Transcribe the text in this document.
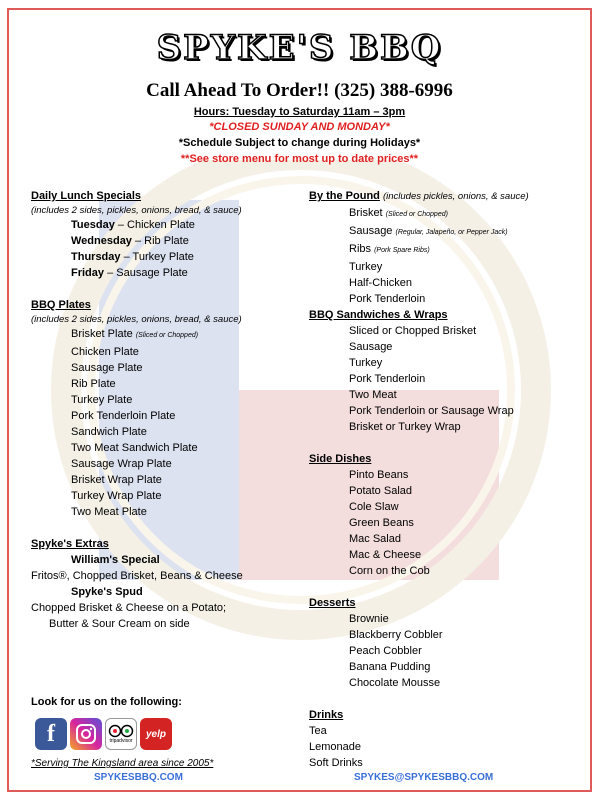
SPYKE'S BBQ
Call Ahead To Order!! (325) 388-6996
Hours: Tuesday to Saturday 11am – 3pm
*CLOSED SUNDAY AND MONDAY*
*Schedule Subject to change during Holidays*
**See store menu for most up to date prices**
Daily Lunch Specials
(includes 2 sides, pickles, onions, bread, & sauce)
Tuesday – Chicken Plate
Wednesday – Rib Plate
Thursday – Turkey Plate
Friday – Sausage Plate
BBQ Plates
(includes 2 sides, pickles, onions, bread, & sauce)
Brisket Plate (Sliced or Chopped)
Chicken Plate
Sausage Plate
Rib Plate
Turkey Plate
Pork Tenderloin Plate
Sandwich Plate
Two Meat Sandwich Plate
Sausage Wrap Plate
Brisket Wrap Plate
Turkey Wrap Plate
Two Meat Plate
Spyke's Extras
William's Special
Fritos®, Chopped Brisket, Beans & Cheese
Spyke's Spud
Chopped Brisket & Cheese on a Potato;
Butter & Sour Cream on side
By the Pound (includes pickles, onions, & sauce)
Brisket (Sliced or Chopped)
Sausage (Regular, Jalapeño, or Pepper Jack)
Ribs (Pork Spare Ribs)
Turkey
Half-Chicken
Pork Tenderloin
BBQ Sandwiches & Wraps
Sliced or Chopped Brisket
Sausage
Turkey
Pork Tenderloin
Two Meat
Pork Tenderloin or Sausage Wrap
Brisket or Turkey Wrap
Side Dishes
Pinto Beans
Potato Salad
Cole Slaw
Green Beans
Mac Salad
Mac & Cheese
Corn on the Cob
Desserts
Brownie
Blackberry Cobbler
Peach Cobbler
Banana Pudding
Chocolate Mousse
Drinks
Tea
Lemonade
Soft Drinks
Look for us on the following:
f	tripadvisor
yelp
*Serving The Kingsland area since 2005*
SPYKESBBQ.COM	SPYKES@SPYKESBBQ.COM
